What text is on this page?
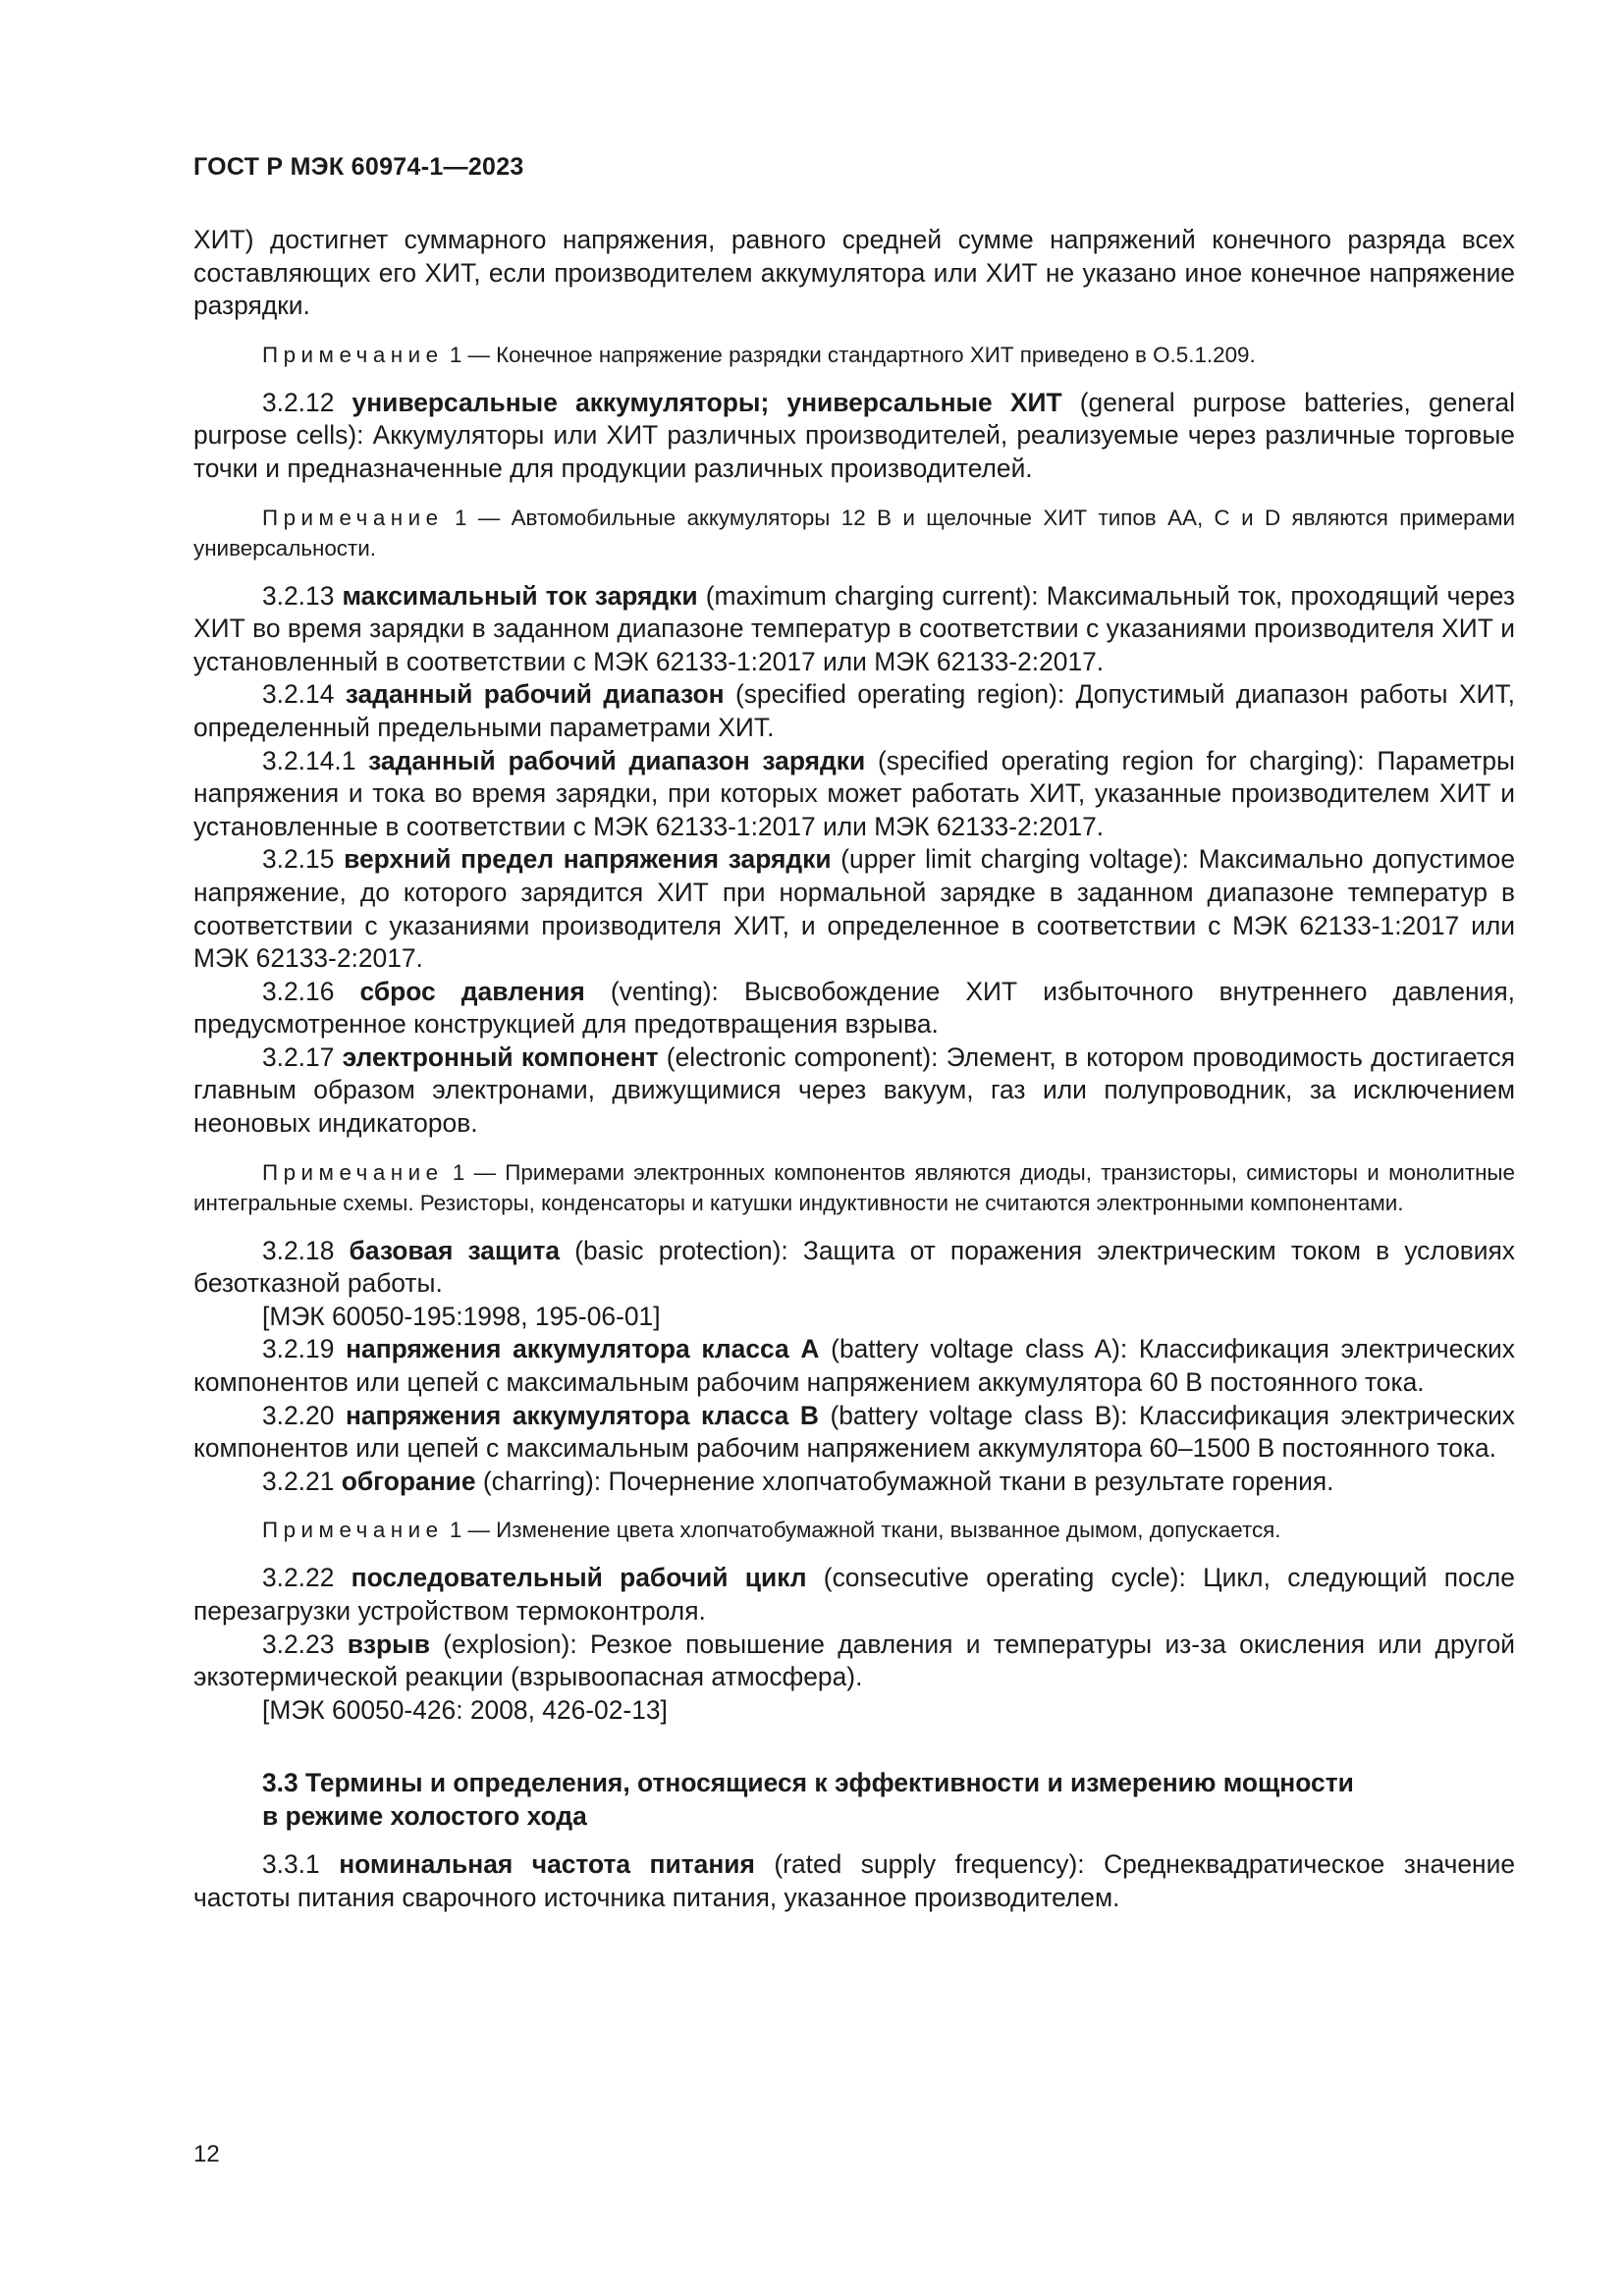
ГОСТ Р МЭК 60974-1—2023

ХИТ) достигнет суммарного напряжения, равного средней сумме напряжений конечного разряда всех составляющих его ХИТ, если производителем аккумулятора или ХИТ не указано иное конечное напряжение разрядки.

Примечание 1 — Конечное напряжение разрядки стандартного ХИТ приведено в О.5.1.209.

3.2.12 универсальные аккумуляторы; универсальные ХИТ (general purpose batteries, general purpose cells): Аккумуляторы или ХИТ различных производителей, реализуемые через различные торговые точки и предназначенные для продукции различных производителей.

Примечание 1 — Автомобильные аккумуляторы 12 В и щелочные ХИТ типов АА, С и D являются примерами универсальности.

3.2.13 максимальный ток зарядки (maximum charging current): Максимальный ток, проходящий через ХИТ во время зарядки в заданном диапазоне температур в соответствии с указаниями производителя ХИТ и установленный в соответствии с МЭК 62133-1:2017 или МЭК 62133-2:2017.

3.2.14 заданный рабочий диапазон (specified operating region): Допустимый диапазон работы ХИТ, определенный предельными параметрами ХИТ.

3.2.14.1 заданный рабочий диапазон зарядки (specified operating region for charging): Параметры напряжения и тока во время зарядки, при которых может работать ХИТ, указанные производителем ХИТ и установленные в соответствии с МЭК 62133-1:2017 или МЭК 62133-2:2017.

3.2.15 верхний предел напряжения зарядки (upper limit charging voltage): Максимально допустимое напряжение, до которого зарядится ХИТ при нормальной зарядке в заданном диапазоне температур в соответствии с указаниями производителя ХИТ, и определенное в соответствии с МЭК 62133-1:2017 или МЭК 62133-2:2017.

3.2.16 сброс давления (venting): Высвобождение ХИТ избыточного внутреннего давления, предусмотренное конструкцией для предотвращения взрыва.

3.2.17 электронный компонент (electronic component): Элемент, в котором проводимость достигается главным образом электронами, движущимися через вакуум, газ или полупроводник, за исключением неоновых индикаторов.

Примечание 1 — Примерами электронных компонентов являются диоды, транзисторы, симисторы и монолитные интегральные схемы. Резисторы, конденсаторы и катушки индуктивности не считаются электронными компонентами.

3.2.18 базовая защита (basic protection): Защита от поражения электрическим током в условиях безотказной работы.

[МЭК 60050-195:1998, 195-06-01]

3.2.19 напряжения аккумулятора класса А (battery voltage class A): Классификация электрических компонентов или цепей с максимальным рабочим напряжением аккумулятора 60 В постоянного тока.

3.2.20 напряжения аккумулятора класса В (battery voltage class B): Классификация электрических компонентов или цепей с максимальным рабочим напряжением аккумулятора 60–1500 В постоянного тока.

3.2.21 обгорание (charring): Почернение хлопчатобумажной ткани в результате горения.

Примечание 1 — Изменение цвета хлопчатобумажной ткани, вызванное дымом, допускается.

3.2.22 последовательный рабочий цикл (consecutive operating cycle): Цикл, следующий после перезагрузки устройством термоконтроля.

3.2.23 взрыв (explosion): Резкое повышение давления и температуры из-за окисления или другой экзотермической реакции (взрывоопасная атмосфера).

[МЭК 60050-426: 2008, 426-02-13]

3.3 Термины и определения, относящиеся к эффективности и измерению мощности
в режиме холостого хода

3.3.1 номинальная частота питания (rated supply frequency): Среднеквадратическое значение частоты питания сварочного источника питания, указанное производителем.

12
